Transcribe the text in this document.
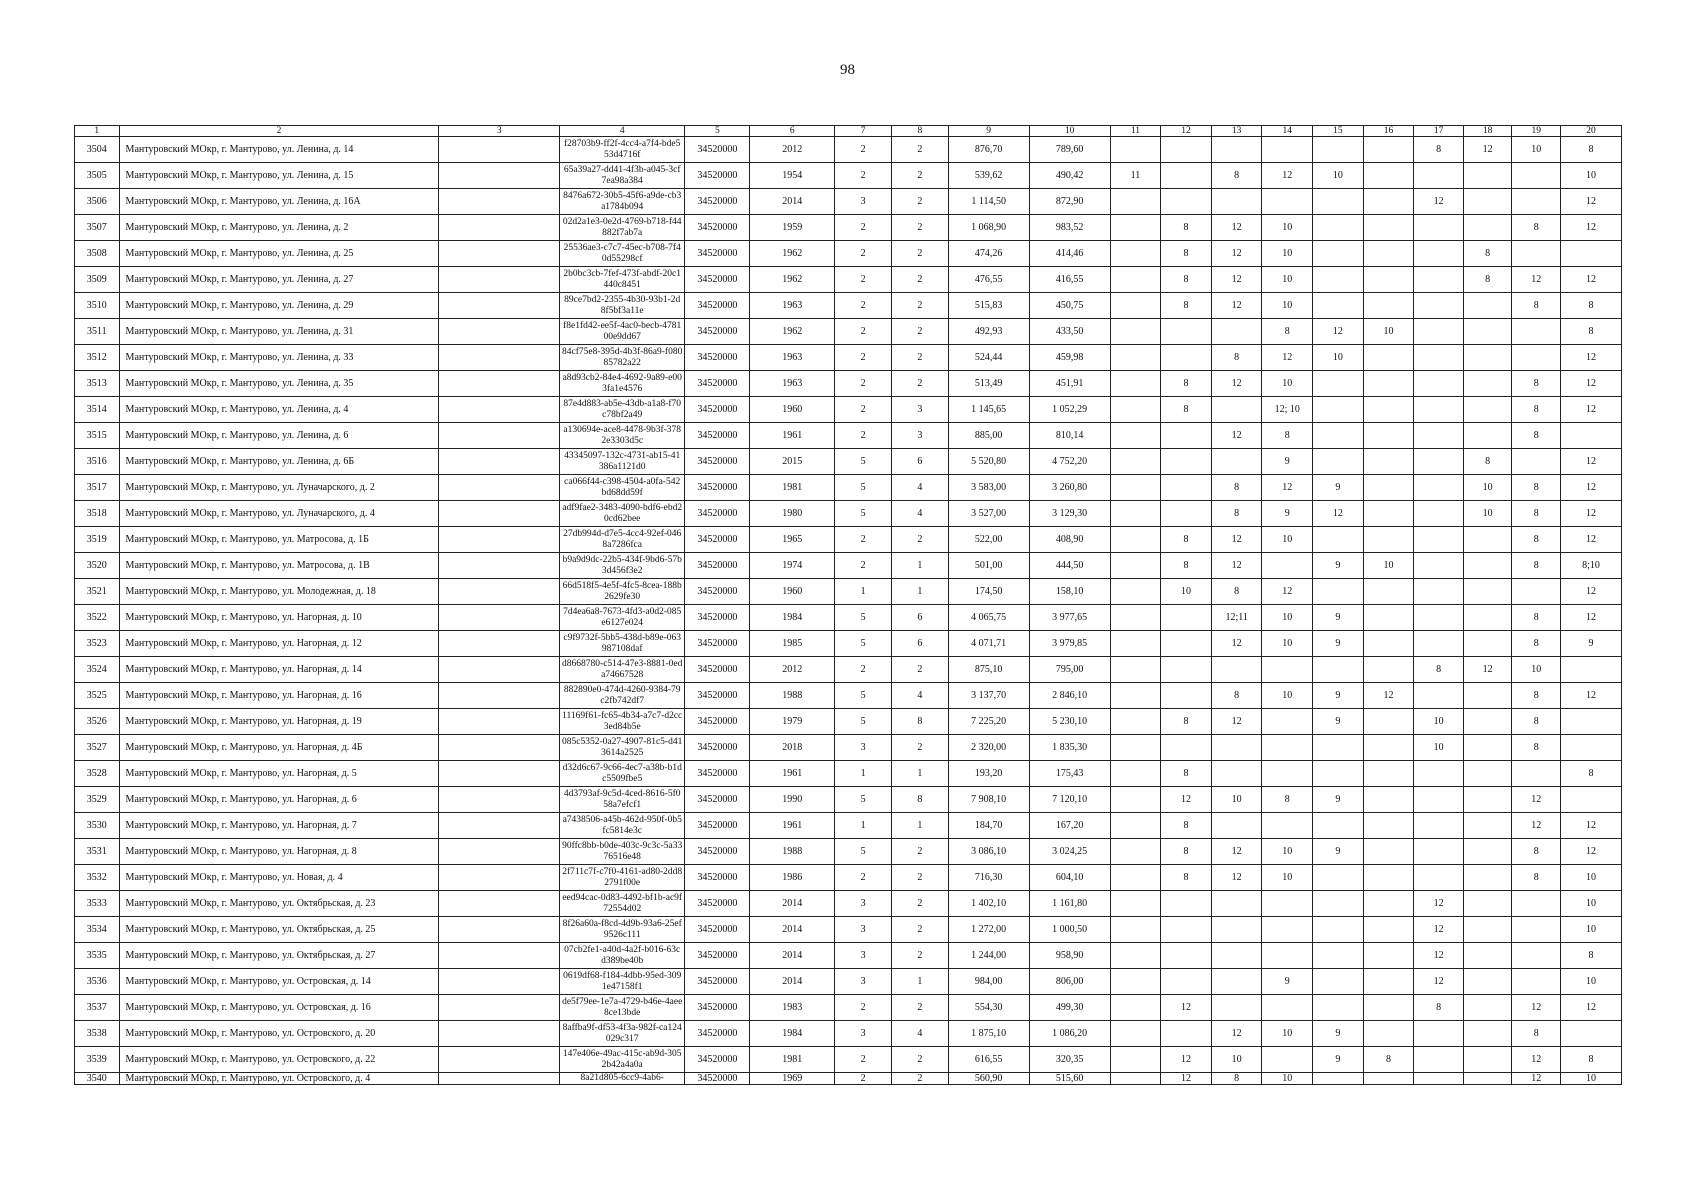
98
1	2	3	4	5	6	7	8	9	10	11	12	13	14	15	16	17	18	19	20
3504	Мантуровский МОкр, г. Мантурово, ул. Ленина, д. 14		f28703b9-ff2f-4cc4-a7f4-bde553d4716f	34520000	2012	2	2	876,70	789,60							8	12	10	8
3505	Мантуровский МОкр, г. Мантурово, ул. Ленина, д. 15		65a39a27-dd41-4f3b-a045-3cf7ea98a384	34520000	1954	2	2	539,62	490,42	11		8	12	10					10
3506	Мантуровский МОкр, г. Мантурово, ул. Ленина, д. 16А		8476a672-30b5-45f6-a9de-cb3a1784b094	34520000	2014	3	2	1 114,50	872,90							12			12
3507	Мантуровский МОкр, г. Мантурово, ул. Ленина, д. 2		02d2a1e3-0e2d-4769-b718-f44882f7ab7a	34520000	1959	2	2	1 068,90	983,52		8	12	10					8	12
3508	Мантуровский МОкр, г. Мантурово, ул. Ленина, д. 25		25536ae3-c7c7-45ec-b708-7f40d55298cf	34520000	1962	2	2	474,26	414,46		8	12	10				8		
3509	Мантуровский МОкр, г. Мантурово, ул. Ленина, д. 27		2b0bc3cb-7fef-473f-abdf-20c1440c8451	34520000	1962	2	2	476,55	416,55		8	12	10				8	12	12
3510	Мантуровский МОкр, г. Мантурово, ул. Ленина, д. 29		89ce7bd2-2355-4b30-93b1-2d8f5bf3a11e	34520000	1963	2	2	515,83	450,75		8	12	10					8	8
3511	Мантуровский МОкр, г. Мантурово, ул. Ленина, д. 31		f8e1fd42-ee5f-4ac0-becb-478100e9dd67	34520000	1962	2	2	492,93	433,50				8	12	10				8
3512	Мантуровский МОкр, г. Мантурово, ул. Ленина, д. 33		84cf75e8-395d-4b3f-86a9-f08085782a22	34520000	1963	2	2	524,44	459,98			8	12	10					12
3513	Мантуровский МОкр, г. Мантурово, ул. Ленина, д. 35		a8d93cb2-84e4-4692-9a89-e003fa1e4576	34520000	1963	2	2	513,49	451,91		8	12	10					8	12
3514	Мантуровский МОкр, г. Мантурово, ул. Ленина, д. 4		87e4d883-ab5e-43db-a1a8-f70c78bf2a49	34520000	1960	2	3	1 145,65	1 052,29		8		12; 10					8	12
3515	Мантуровский МОкр, г. Мантурово, ул. Ленина, д. 6		a130694e-ace8-4478-9b3f-3782e3303d5c	34520000	1961	2	3	885,00	810,14			12	8					8	
3516	Мантуровский МОкр, г. Мантурово, ул. Ленина, д. 6Б		43345097-132c-4731-ab15-41386a1121d0	34520000	2015	5	6	5 520,80	4 752,20				9				8		12
3517	Мантуровский МОкр, г. Мантурово, ул. Луначарского, д. 2		ca066f44-c398-4504-a0fa-542bd68dd59f	34520000	1981	5	4	3 583,00	3 260,80			8	12	9			10	8	12
3518	Мантуровский МОкр, г. Мантурово, ул. Луначарского, д. 4		adf9fae2-3483-4090-bdf6-ebd20cd62bee	34520000	1980	5	4	3 527,00	3 129,30			8	9	12			10	8	12
3519	Мантуровский МОкр, г. Мантурово, ул. Матросова, д. 1Б		27db994d-d7e5-4cc4-92ef-0468a7286fca	34520000	1965	2	2	522,00	408,90		8	12	10					8	12
3520	Мантуровский МОкр, г. Мантурово, ул. Матросова, д. 1В		b9a9d9dc-22b5-434f-9bd6-57b3d456f3e2	34520000	1974	2	1	501,00	444,50		8	12		9	10			8	8;10
3521	Мантуровский МОкр, г. Мантурово, ул. Молодежная, д. 18		66d518f5-4e5f-4fc5-8cea-188b2629fe30	34520000	1960	1	1	174,50	158,10		10	8	12						12
3522	Мантуровский МОкр, г. Мантурово, ул. Нагорная, д. 10		7d4ea6a8-7673-4fd3-a0d2-085e6127e024	34520000	1984	5	6	4 065,75	3 977,65			12;11	10	9				8	12
3523	Мантуровский МОкр, г. Мантурово, ул. Нагорная, д. 12		c9f9732f-5bb5-438d-b89e-063987108daf	34520000	1985	5	6	4 071,71	3 979,85			12	10	9				8	9
3524	Мантуровский МОкр, г. Мантурово, ул. Нагорная, д. 14		d8668780-c514-47e3-8881-0eda74667528	34520000	2012	2	2	875,10	795,00							8	12	10	
3525	Мантуровский МОкр, г. Мантурово, ул. Нагорная, д. 16		882890e0-474d-4260-9384-79c2fb742df7	34520000	1988	5	4	3 137,70	2 846,10			8	10	9	12			8	12
3526	Мантуровский МОкр, г. Мантурово, ул. Нагорная, д. 19		11169f61-fc65-4b34-a7c7-d2cc3ed84b5e	34520000	1979	5	8	7 225,20	5 230,10		8	12		9		10		8	
3527	Мантуровский МОкр, г. Мантурово, ул. Нагорная, д. 4Б		085c5352-0a27-4907-81c5-d413614a2525	34520000	2018	3	2	2 320,00	1 835,30							10		8	
3528	Мантуровский МОкр, г. Мантурово, ул. Нагорная, д. 5		d32d6c67-9c66-4ec7-a38b-b1dc5509fbe5	34520000	1961	1	1	193,20	175,43		8								8
3529	Мантуровский МОкр, г. Мантурово, ул. Нагорная, д. 6		4d3793af-9c5d-4ced-8616-5f058a7efcf1	34520000	1990	5	8	7 908,10	7 120,10		12	10	8	9				12	
3530	Мантуровский МОкр, г. Мантурово, ул. Нагорная, д. 7		a7438506-a45b-462d-950f-0b5fc5814e3c	34520000	1961	1	1	184,70	167,20		8							12	12
3531	Мантуровский МОкр, г. Мантурово, ул. Нагорная, д. 8		90ffc8bb-b0de-403c-9c3c-5a3376516e48	34520000	1988	5	2	3 086,10	3 024,25		8	12	10	9				8	12
3532	Мантуровский МОкр, г. Мантурово, ул. Новая, д. 4		2f711c7f-c7f0-4161-ad80-2dd82791f00e	34520000	1986	2	2	716,30	604,10		8	12	10					8	10
3533	Мантуровский МОкр, г. Мантурово, ул. Октябрьская, д. 23		eed94cac-0d83-4492-bf1b-ac9f72554d02	34520000	2014	3	2	1 402,10	1 161,80							12			10
3534	Мантуровский МОкр, г. Мантурово, ул. Октябрьская, д. 25		8f26a60a-f8cd-4d9b-93a6-25ef9526c111	34520000	2014	3	2	1 272,00	1 000,50							12			10
3535	Мантуровский МОкр, г. Мантурово, ул. Октябрьская, д. 27		07cb2fe1-a40d-4a2f-b016-63cd389be40b	34520000	2014	3	2	1 244,00	958,90							12			8
3536	Мантуровский МОкр, г. Мантурово, ул. Островская, д. 14		0619df68-f184-4dbb-95ed-3091e47158f1	34520000	2014	3	1	984,00	806,00				9			12			10
3537	Мантуровский МОкр, г. Мантурово, ул. Островская, д. 16		de5f79ee-1e7a-4729-b46e-4aee8ce13bde	34520000	1983	2	2	554,30	499,30		12					8		12	12
3538	Мантуровский МОкр, г. Мантурово, ул. Островского, д. 20		8affba9f-df53-4f3a-982f-ca124029c317	34520000	1984	3	4	1 875,10	1 086,20			12	10	9				8	
3539	Мантуровский МОкр, г. Мантурово, ул. Островского, д. 22		147e406e-49ac-415c-ab9d-3052b42a4a0a	34520000	1981	2	2	616,55	320,35		12	10		9	8			12	8
3540	Мантуровский МОкр, г. Мантурово, ул. Островского, д. 4		8a21d805-6cc9-4ab6-	34520000	1969	2	2	560,90	515,60		12	8	10					12	10
